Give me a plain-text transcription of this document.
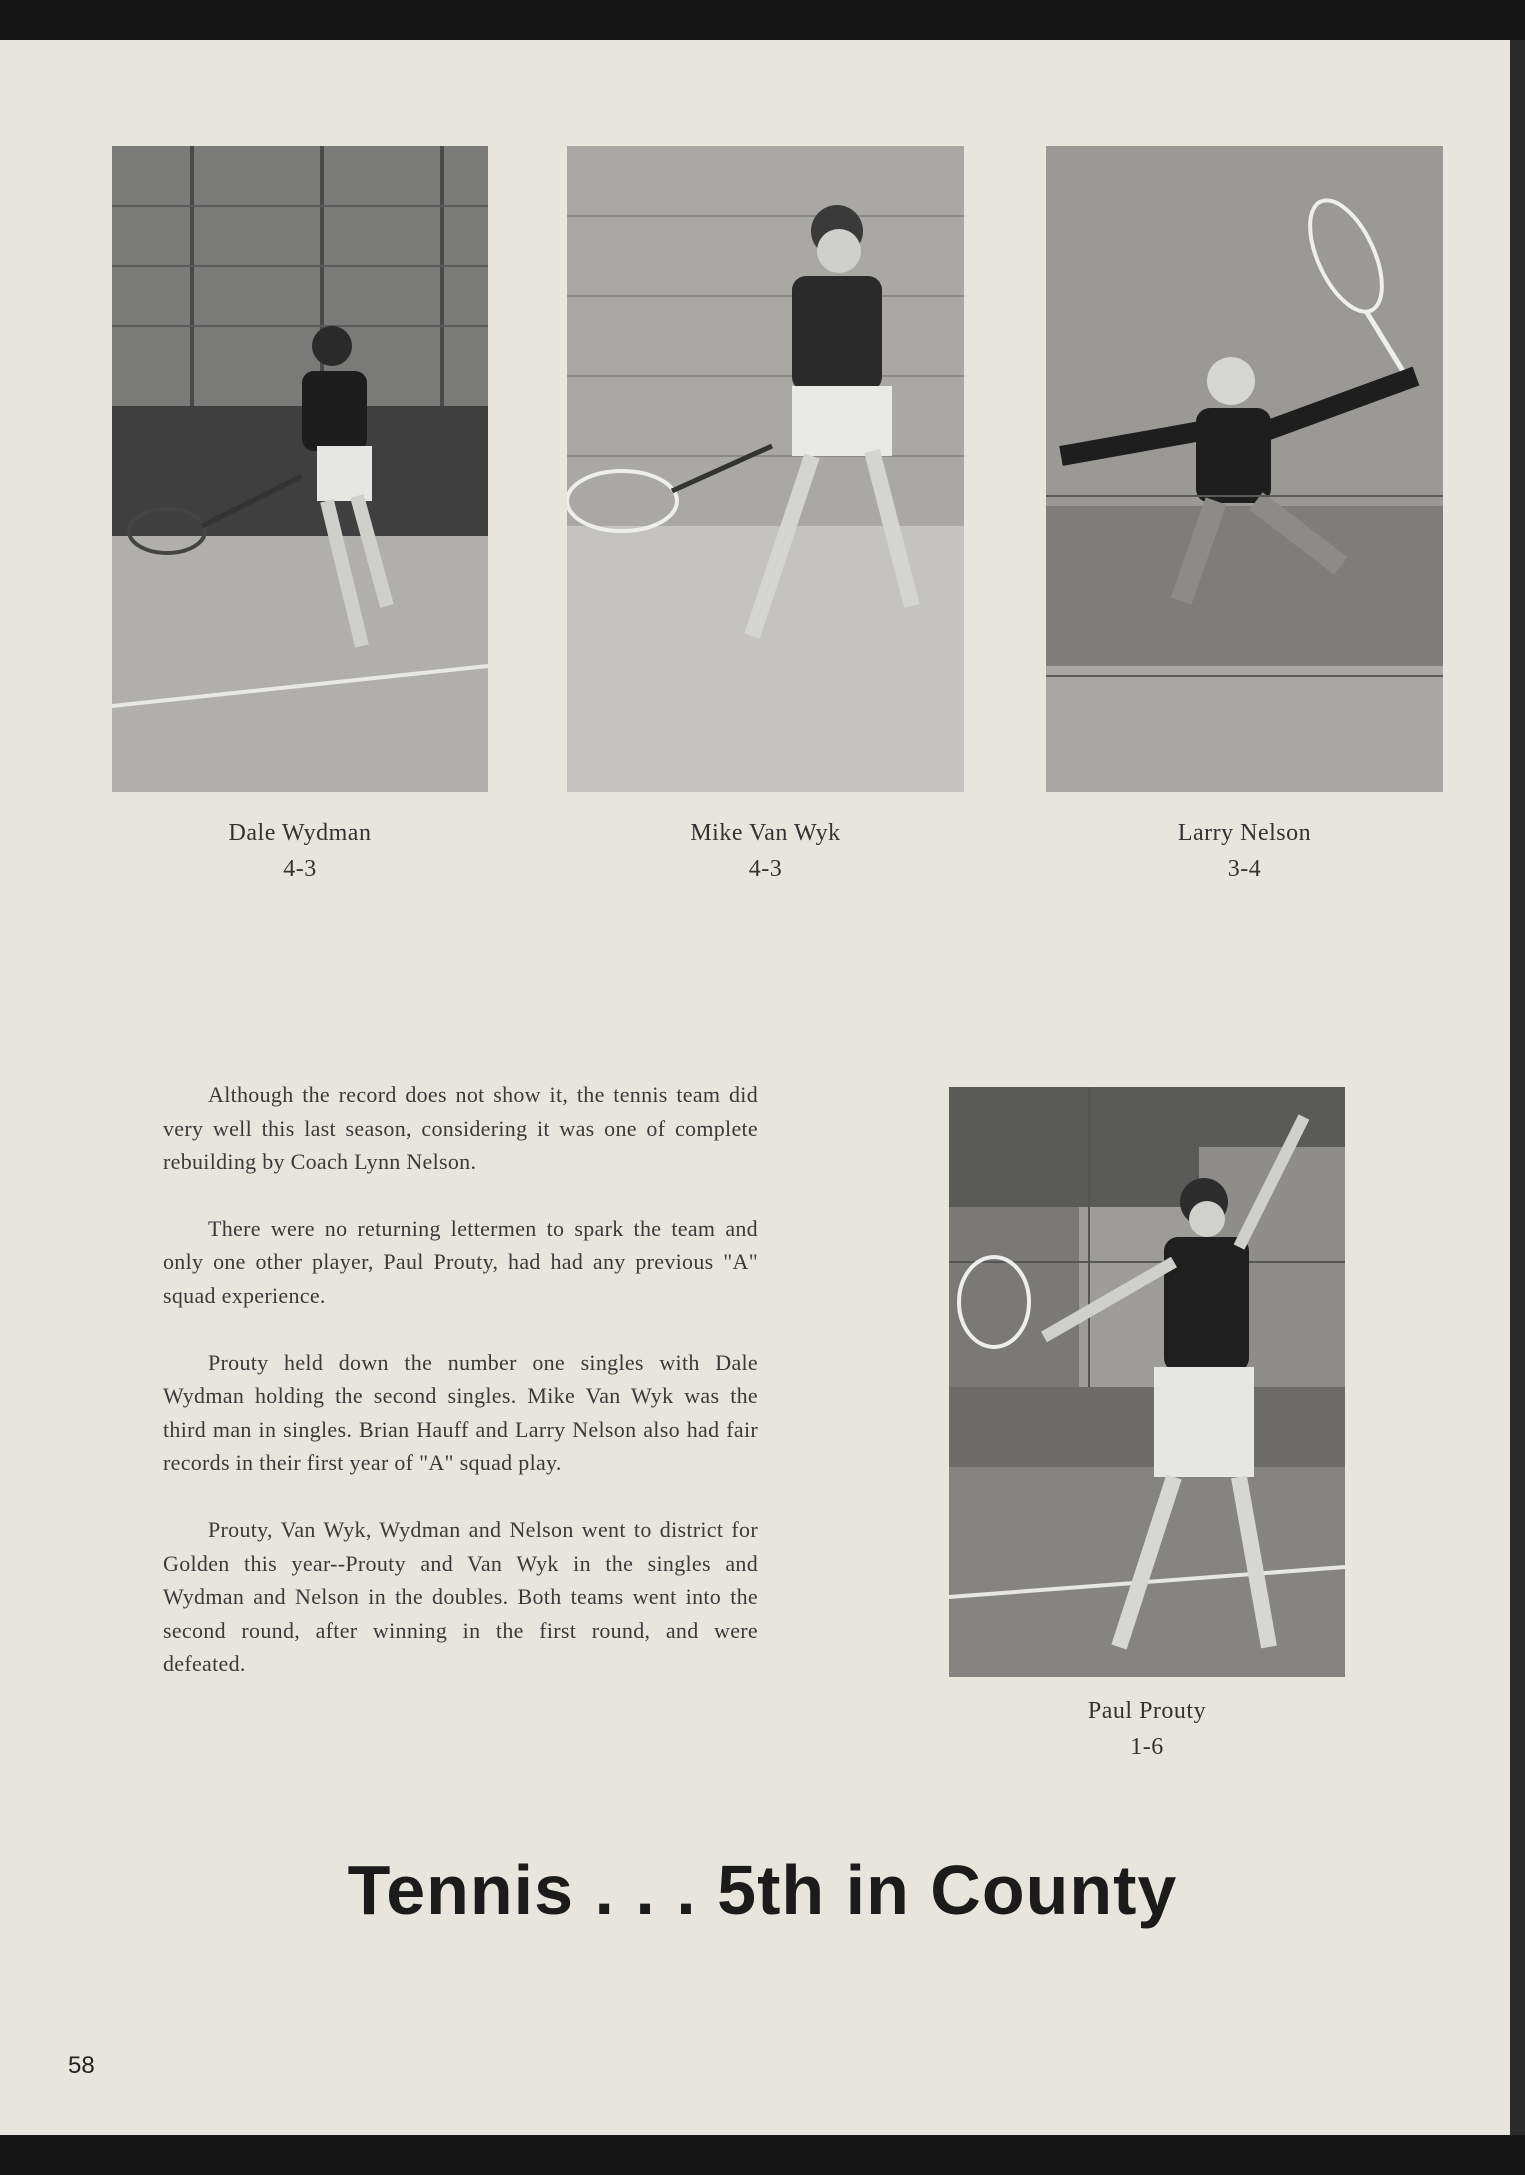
Dale Wydman
4-3
Mike Van Wyk
4-3
Larry Nelson
3-4

Although the record does not show it, the tennis team did very well this last season, considering it was one of complete rebuilding by Coach Lynn Nelson.

There were no returning lettermen to spark the team and only one other player, Paul Prouty, had had any previous "A" squad experience.

Prouty held down the number one singles with Dale Wydman holding the second singles. Mike Van Wyk was the third man in singles. Brian Hauff and Larry Nelson also had fair records in their first year of "A" squad play.

Prouty, Van Wyk, Wydman and Nelson went to district for Golden this year--Prouty and Van Wyk in the singles and Wydman and Nelson in the doubles. Both teams went into the second round, after winning in the first round, and were defeated.

Paul Prouty
1-6
Tennis . . . 5th in County
58
